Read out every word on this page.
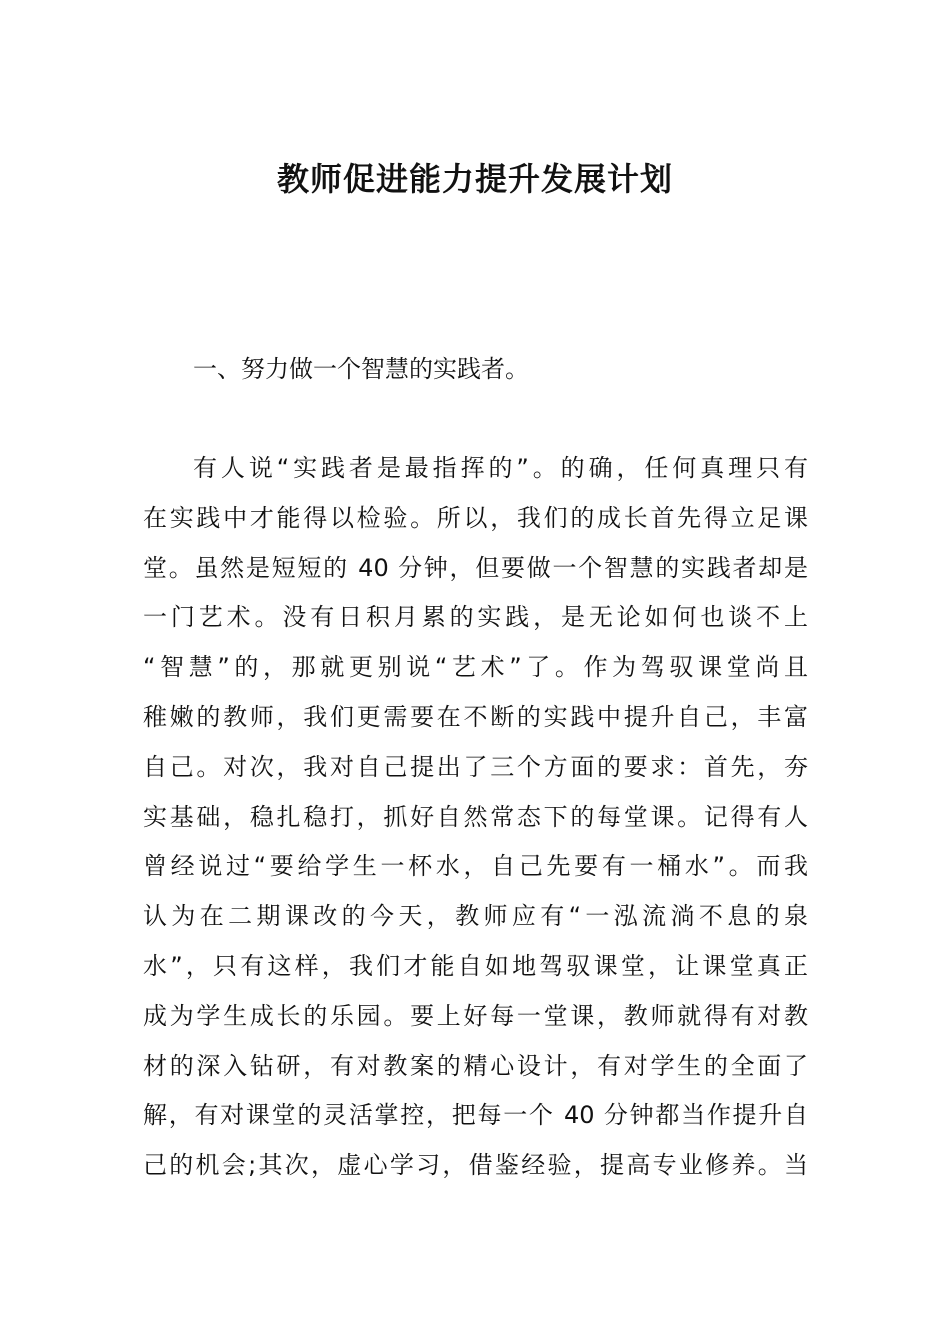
教师促进能力提升发展计划

一、努力做一个智慧的实践者。

有人说“实践者是最指挥的”。的确，任何真理只有
在实践中才能得以检验。所以，我们的成长首先得立足课
堂。虽然是短短的 40 分钟，但要做一个智慧的实践者却是
一门艺术。没有日积月累的实践，是无论如何也谈不上
“智慧”的，那就更别说“艺术”了。作为驾驭课堂尚且
稚嫩的教师，我们更需要在不断的实践中提升自己，丰富
自己。对次，我对自己提出了三个方面的要求：首先，夯
实基础，稳扎稳打，抓好自然常态下的每堂课。记得有人
曾经说过“要给学生一杯水，自己先要有一桶水”。而我
认为在二期课改的今天，教师应有“一泓流淌不息的泉
水”，只有这样，我们才能自如地驾驭课堂，让课堂真正
成为学生成长的乐园。要上好每一堂课，教师就得有对教
材的深入钻研，有对教案的精心设计，有对学生的全面了
解，有对课堂的灵活掌控，把每一个 40 分钟都当作提升自
己的机会;其次，虚心学习，借鉴经验，提高专业修养。当
